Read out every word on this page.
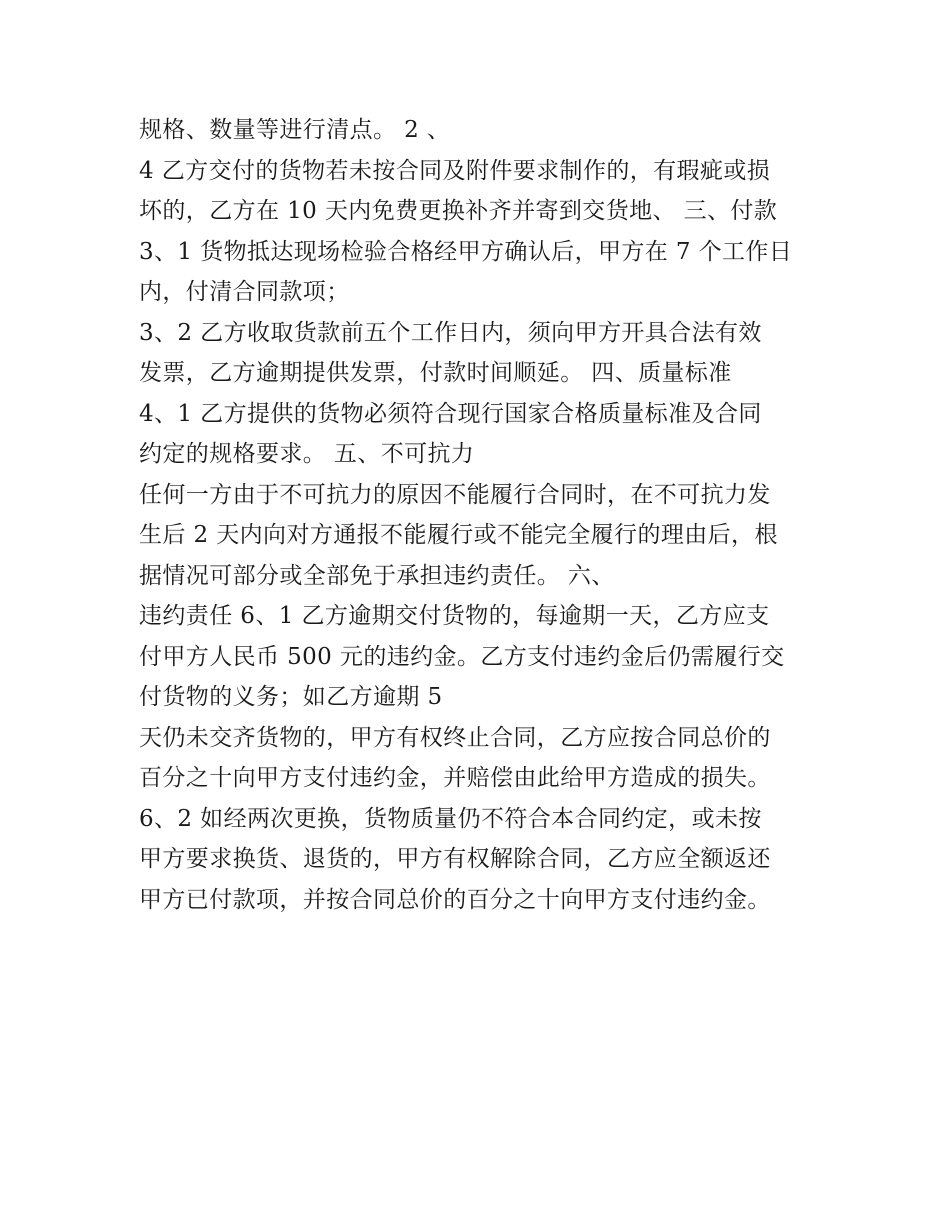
规格、数量等进行清点。 2 、
4 乙方交付的货物若未按合同及附件要求制作的，有瑕疵或损
坏的，乙方在 10 天内免费更换补齐并寄到交货地、 三、付款
3、1 货物抵达现场检验合格经甲方确认后，甲方在 7 个工作日
内，付清合同款项；
3、2 乙方收取货款前五个工作日内，须向甲方开具合法有效
发票，乙方逾期提供发票，付款时间顺延。 四、质量标准
4、1 乙方提供的货物必须符合现行国家合格质量标准及合同
约定的规格要求。 五、不可抗力
任何一方由于不可抗力的原因不能履行合同时，在不可抗力发
生后 2 天内向对方通报不能履行或不能完全履行的理由后，根
据情况可部分或全部免于承担违约责任。 六、
违约责任 6、1 乙方逾期交付货物的，每逾期一天，乙方应支
付甲方人民币 500 元的违约金。乙方支付违约金后仍需履行交
付货物的义务；如乙方逾期 5
天仍未交齐货物的，甲方有权终止合同，乙方应按合同总价的
百分之十向甲方支付违约金，并赔偿由此给甲方造成的损失。
6、2 如经两次更换，货物质量仍不符合本合同约定，或未按
甲方要求换货、退货的，甲方有权解除合同，乙方应全额返还
甲方已付款项，并按合同总价的百分之十向甲方支付违约金。
